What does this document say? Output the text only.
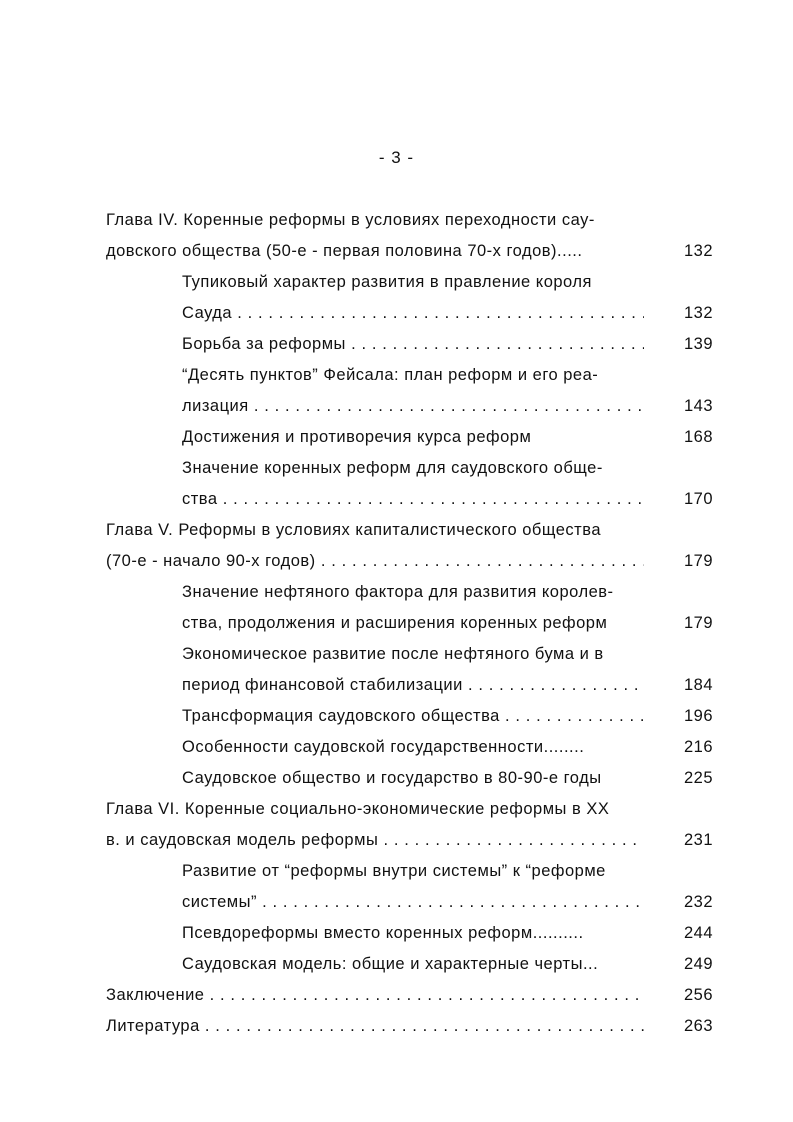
- 3 -
Глава IV. Коренные реформы в условиях переходности сау-
довского общества (50-е - первая половина 70-х годов).....	132
Тупиковый характер развития в правление короля
Сауда . . .	132
Борьба за реформы . . .	139
“Десять пунктов” Фейсала: план реформ и его реа-
лизация . . .	143
Достижения и противоречия курса реформ	168
Значение коренных реформ для саудовского обще-
ства . . .	170
Глава V. Реформы в условиях капиталистического общества
(70-е - начало 90-х годов) . . .	179
Значение нефтяного фактора для развития королев-
ства, продолжения и расширения коренных реформ	179
Экономическое развитие после нефтяного бума и в
период финансовой стабилизации . . .	184
Трансформация саудовского общества . . .	196
Особенности саудовской государственности........	216
Саудовское общество и государство в 80-90-е годы	225
Глава VI. Коренные социально-экономические реформы в XX
в. и саудовская модель реформы . . .	231
Развитие от “реформы внутри системы” к “реформе
системы” . . .	232
Псевдореформы вместо коренных реформ..........	244
Саудовская модель: общие и характерные черты...	249
Заключение . . .	256
Литература . . .	263
